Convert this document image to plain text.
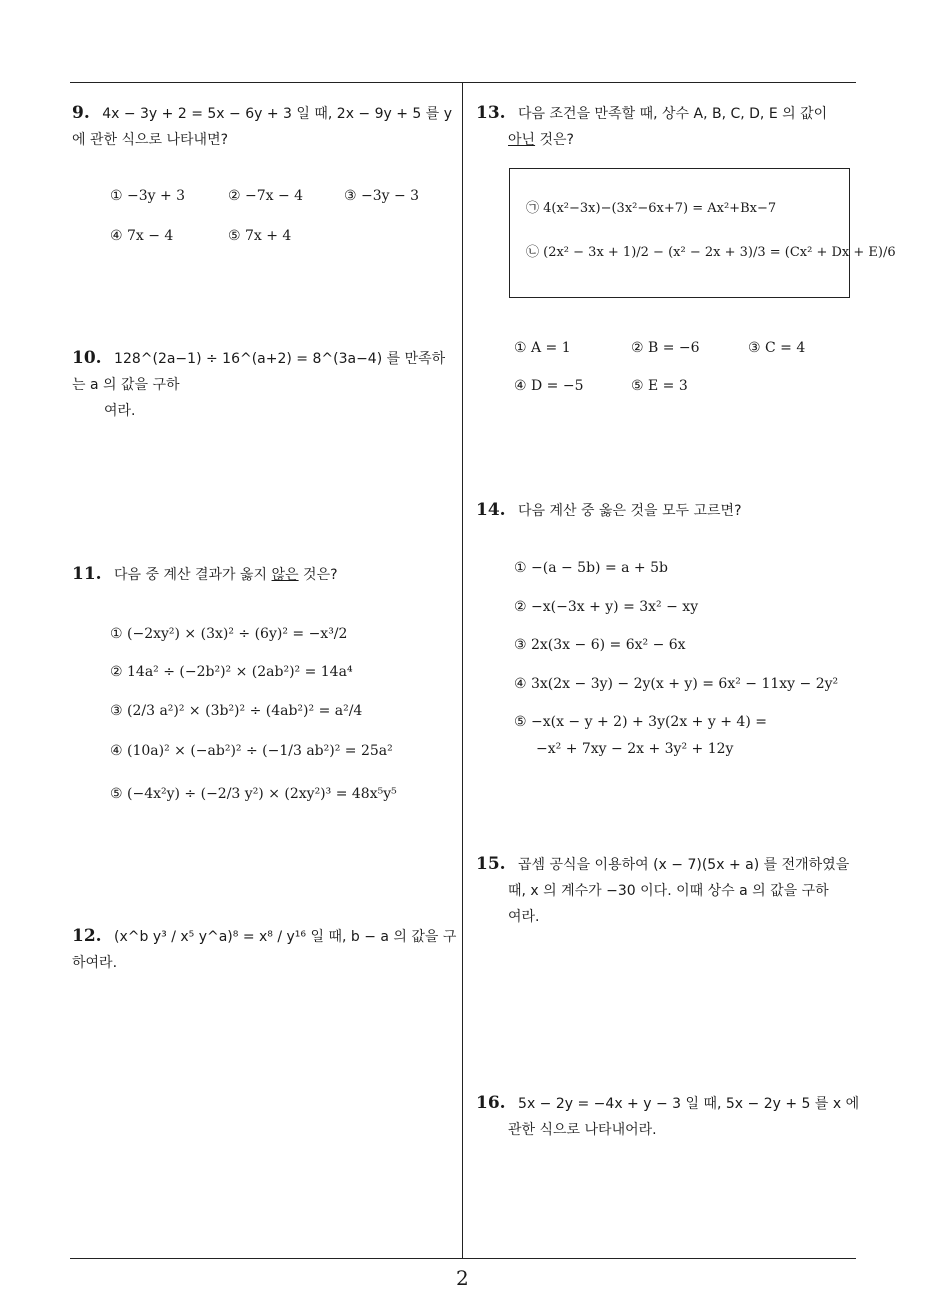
2
9. 4x − 3y + 2 = 5x − 6y + 3 일 때, 2x − 9y + 5 를 y 에 관한 식으로 나타내면?
① −3y + 3	② −7x − 4	③ −3y − 3
④ 7x − 4	⑤ 7x + 4
10. 128^(2a−1) ÷ 16^(a+2) = 8^(3a−4) 를 만족하는 a 의 값을 구하
여라.
11. 다음 중 계산 결과가 옳지 않은 것은?
① (−2xy²) × (3x)² ÷ (6y)² = −x³/2
② 14a² ÷ (−2b²)² × (2ab²)² = 14a⁴
③ (2/3 a²)² × (3b²)² ÷ (4ab²)² = a²/4
④ (10a)² × (−ab²)² ÷ (−1/3 ab²)² = 25a²
⑤ (−4x²y) ÷ (−2/3 y²) × (2xy²)³ = 48x⁵y⁵
12. (x^b y³ / x⁵ y^a)⁸ = x⁸ / y¹⁶ 일 때, b − a 의 값을 구하여라.
13. 다음 조건을 만족할 때, 상수 A, B, C, D, E 의 값이
아닌 것은?
㉠ 4(x²−3x)−(3x²−6x+7) = Ax²+Bx−7
㉡ (2x² − 3x + 1)/2 − (x² − 2x + 3)/3 = (Cx² + Dx + E)/6
① A = 1	② B = −6	③ C = 4
④ D = −5	⑤ E = 3
14. 다음 계산 중 옳은 것을 모두 고르면?
① −(a − 5b) = a + 5b
② −x(−3x + y) = 3x² − xy
③ 2x(3x − 6) = 6x² − 6x
④ 3x(2x − 3y) − 2y(x + y) = 6x² − 11xy − 2y²
⑤ −x(x − y + 2) + 3y(2x + y + 4) =
−x² + 7xy − 2x + 3y² + 12y
15. 곱셈 공식을 이용하여 (x − 7)(5x + a) 를 전개하였을
때, x 의 계수가 −30 이다. 이때 상수 a 의 값을 구하
여라.
16. 5x − 2y = −4x + y − 3 일 때, 5x − 2y + 5 를 x 에
관한 식으로 나타내어라.
